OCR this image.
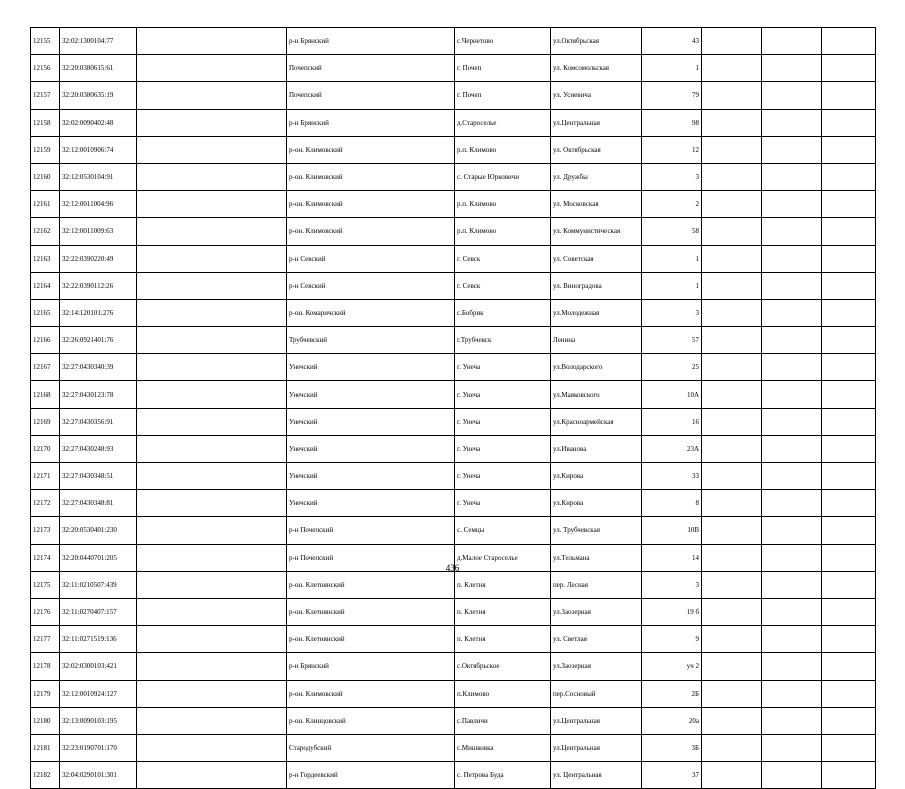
12155	32:02:1300104:77		р-н Брянский	с.Чернетово	ул.Октябрьская	43			
12156	32:20:0380615:61		Почепский	г. Почеп	ул. Комсомольская	1			
12157	32:20:0380635:19		Почепский	г. Почеп	ул. Усиевича	79			
12158	32:02:0090402:48		р-н Брянский	д.Староселье	ул.Центральная	98			
12159	32:12:0010906:74		р-он. Климовский	р.п. Климово	ул. Октябрьская	12			
12160	32:12:0530104:91		р-он. Климовский	с. Старые Юрковичи	ул. Дружбы	3			
12161	32:12:0011004:96		р-он. Климовский	р.п. Климово	ул. Московская	2			
12162	32:12:0011009:63		р-он. Климовский	р.п. Климово	ул. Коммунистическая	58			
12163	32:22:0390220:49		р-н Севский	г. Севск	ул. Советская	1			
12164	32:22:0390112:26		р-н Севский	г. Севск	ул. Виноградова	1			
12165	32:14:120101:276		р-он. Комаричский	с.Бобрик	ул.Молодежная	3			
12166	32:26:0921401:76		Трубчевский	г.Трубчевск	Ленина	57			
12167	32:27:0430340:39		Унечский	г. Унеча	ул.Володарского	25			
12168	32:27:0430123:78		Унечский	г. Унеча	ул.Маяковского	10А			
12169	32:27:0430356:91		Унечский	г. Унеча	ул.Красноармейская	16			
12170	32:27:0430248:93		Унечский	г. Унеча	ул.Иванова	23А			
12171	32:27:0430348:51		Унечский	г. Унеча	ул.Кирова	33			
12172	32:27:0430348:81		Унечский	г. Унеча	ул.Кирова	8			
12173	32:20:0530401:230		р-н Почепский	с. Семцы	ул. Трубчевская	10В			
12174	32:20:0440701:205		р-н Почепский	д.Малое Староселье	ул.Тельмана	14			
12175	32:11:0210507:439		р-он. Клетнянский	п. Клетня	пер. Лесная	3			
12176	32:11:0270407:157		р-он. Клетнянский	п. Клетня	ул.Заозерная	19 б			
12177	32:11:0271519:136		р-он. Клетнянский	п. Клетня	ул. Светлая	9			
12178	32:02:0300103:421		р-н Брянский	с.Октябрьское	ул.Заозерная	уч 2			
12179	32:12:0010924:127		р-он. Климовский	п.Климово	пер.Сосновый	2Б			
12180	32:13:0090103:195		р-он. Клинцовский	с.Павличи	ул.Центральная	20а			
12181	32:23:0190701:170		Стародубский	с.Мишковка	ул.Центральная	3Б			
12182	32:04:0290101:301		р-н Гордеевский	с. Петрова Буда	ул. Центральная	37			
436
